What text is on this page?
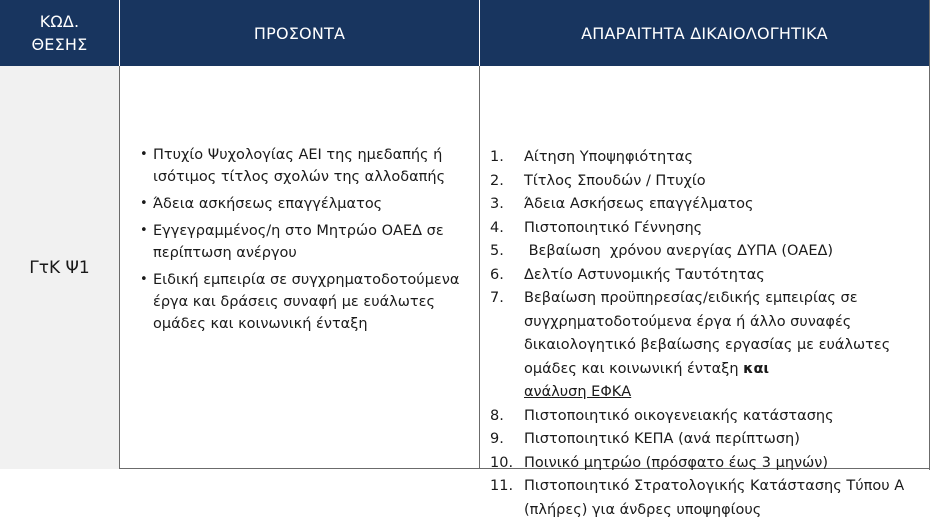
ΚΩΔ.
ΘΕΣΗΣ
ΠΡΟΣΟΝΤΑ	ΑΠΑΡΑΙΤΗΤΑ ΔΙΚΑΙΟΛΟΓΗΤΙΚΑ
ΓτΚ Ψ1
• Πτυχίο Ψυχολογίας ΑΕΙ της ημεδαπής ή ισότιμος τίτλος σχολών της αλλοδαπής
• Άδεια ασκήσεως επαγγέλματος
• Εγγεγραμμένος/η στο Μητρώο ΟΑΕΔ σε περίπτωση ανέργου
• Ειδική εμπειρία σε συγχρηματοδοτούμενα έργα και δράσεις συναφή με ευάλωτες ομάδες και κοινωνική ένταξη
1. Αίτηση Υποψηφιότητας
2. Τίτλος Σπουδών / Πτυχίο
3. Άδεια Ασκήσεως επαγγέλματος
4. Πιστοποιητικό Γέννησης
5. Βεβαίωση  χρόνου ανεργίας ΔΥΠΑ (ΟΑΕΔ)
6. Δελτίο Αστυνομικής Ταυτότητας
7. Βεβαίωση προϋπηρεσίας/ειδικής εμπειρίας σε συγχρηματοδοτούμενα έργα ή άλλο συναφές δικαιολογητικό βεβαίωσης εργασίας με ευάλωτες ομάδες και κοινωνική ένταξη και
ανάλυση ΕΦΚΑ
8. Πιστοποιητικό οικογενειακής κατάστασης
9. Πιστοποιητικό ΚΕΠΑ (ανά περίπτωση)
10. Ποινικό μητρώο (πρόσφατο έως 3 μηνών)
11. Πιστοποιητικό Στρατολογικής Κατάστασης Τύπου Α (πλήρες) για άνδρες υποψηφίους
